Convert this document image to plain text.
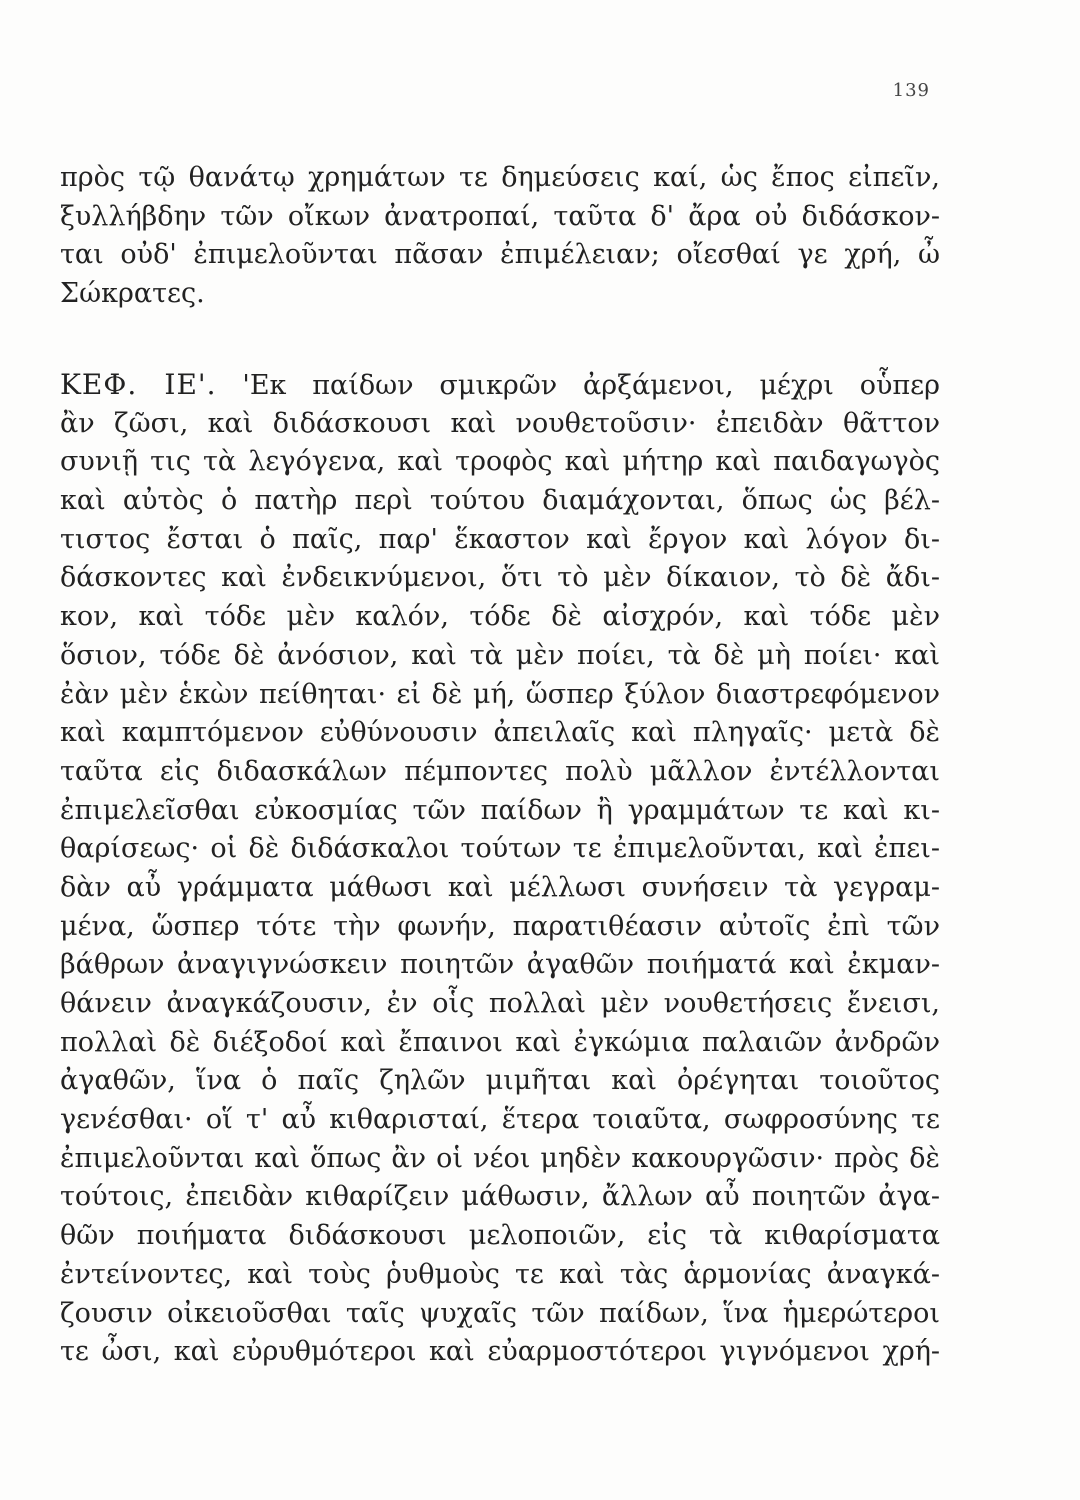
139
πρὸς τῷ θανάτῳ χρημάτων τε δημεύσεις καί, ὡς ἔπος εἰπεῖν,
ξυλλήβδην τῶν οἴκων ἀνατροπαί, ταῦτα δ' ἄρα οὐ διδάσκον-
ται οὐδ' ἐπιμελοῦνται πᾶσαν ἐπιμέλειαν; οἴεσθαί γε χρή, ὦ
Σώκρατες.
ΚΕΦ. ΙΕ'. 'Εκ παίδων σμικρῶν ἀρξάμενοι, μέχρι οὗπερ
ἂν ζῶσι, καὶ διδάσκουσι καὶ νουθετοῦσιν· ἐπειδὰν θᾶττον
συνιῇ τις τὰ λεγόγενα, καὶ τροφὸς καὶ μήτηρ καὶ παιδαγωγὸς
καὶ αὐτὸς ὁ πατὴρ περὶ τούτου διαμάχονται, ὅπως ὡς βέλ-
τιστος ἔσται ὁ παῖς, παρ' ἕκαστον καὶ ἔργον καὶ λόγον δι-
δάσκοντες καὶ ἐνδεικνύμενοι, ὅτι τὸ μὲν δίκαιον, τὸ δὲ ἄδι-
κον, καὶ τόδε μὲν καλόν, τόδε δὲ αἰσχρόν, καὶ τόδε μὲν
ὅσιον, τόδε δὲ ἀνόσιον, καὶ τὰ μὲν ποίει, τὰ δὲ μὴ ποίει· καὶ
ἐὰν μὲν ἑκὼν πείθηται· εἰ δὲ μή, ὥσπερ ξύλον διαστρεφόμενον
καὶ καμπτόμενον εὐθύνουσιν ἀπειλαῖς καὶ πληγαῖς· μετὰ δὲ
ταῦτα εἰς διδασκάλων πέμποντες πολὺ μᾶλλον ἐντέλλονται
ἐπιμελεῖσθαι εὐκοσμίας τῶν παίδων ἢ γραμμάτων τε καὶ κι-
θαρίσεως· οἱ δὲ διδάσκαλοι τούτων τε ἐπιμελοῦνται, καὶ ἐπει-
δὰν αὖ γράμματα μάθωσι καὶ μέλλωσι συνήσειν τὰ γεγραμ-
μένα, ὥσπερ τότε τὴν φωνήν, παρατιθέασιν αὐτοῖς ἐπὶ τῶν
βάθρων ἀναγιγνώσκειν ποιητῶν ἀγαθῶν ποιήματά καὶ ἐκμαν-
θάνειν ἀναγκάζουσιν, ἐν οἷς πολλαὶ μὲν νουθετήσεις ἔνεισι,
πολλαὶ δὲ διέξοδοί καὶ ἔπαινοι καὶ ἐγκώμια παλαιῶν ἀνδρῶν
ἀγαθῶν, ἵνα ὁ παῖς ζηλῶν μιμῆται καὶ ὀρέγηται τοιοῦτος
γενέσθαι· οἵ τ' αὖ κιθαρισταί, ἕτερα τοιαῦτα, σωφροσύνης τε
ἐπιμελοῦνται καὶ ὅπως ἂν οἱ νέοι μηδὲν κακουργῶσιν· πρὸς δὲ
τούτοις, ἐπειδὰν κιθαρίζειν μάθωσιν, ἄλλων αὖ ποιητῶν ἀγα-
θῶν ποιήματα διδάσκουσι μελοποιῶν, εἰς τὰ κιθαρίσματα
ἐντείνοντες, καὶ τοὺς ῥυθμοὺς τε καὶ τὰς ἁρμονίας ἀναγκά-
ζουσιν οἰκειοῦσθαι ταῖς ψυχαῖς τῶν παίδων, ἵνα ἡμερώτεροι
τε ὦσι, καὶ εὐρυθμότεροι καὶ εὐαρμοστότεροι γιγνόμενοι χρή-
